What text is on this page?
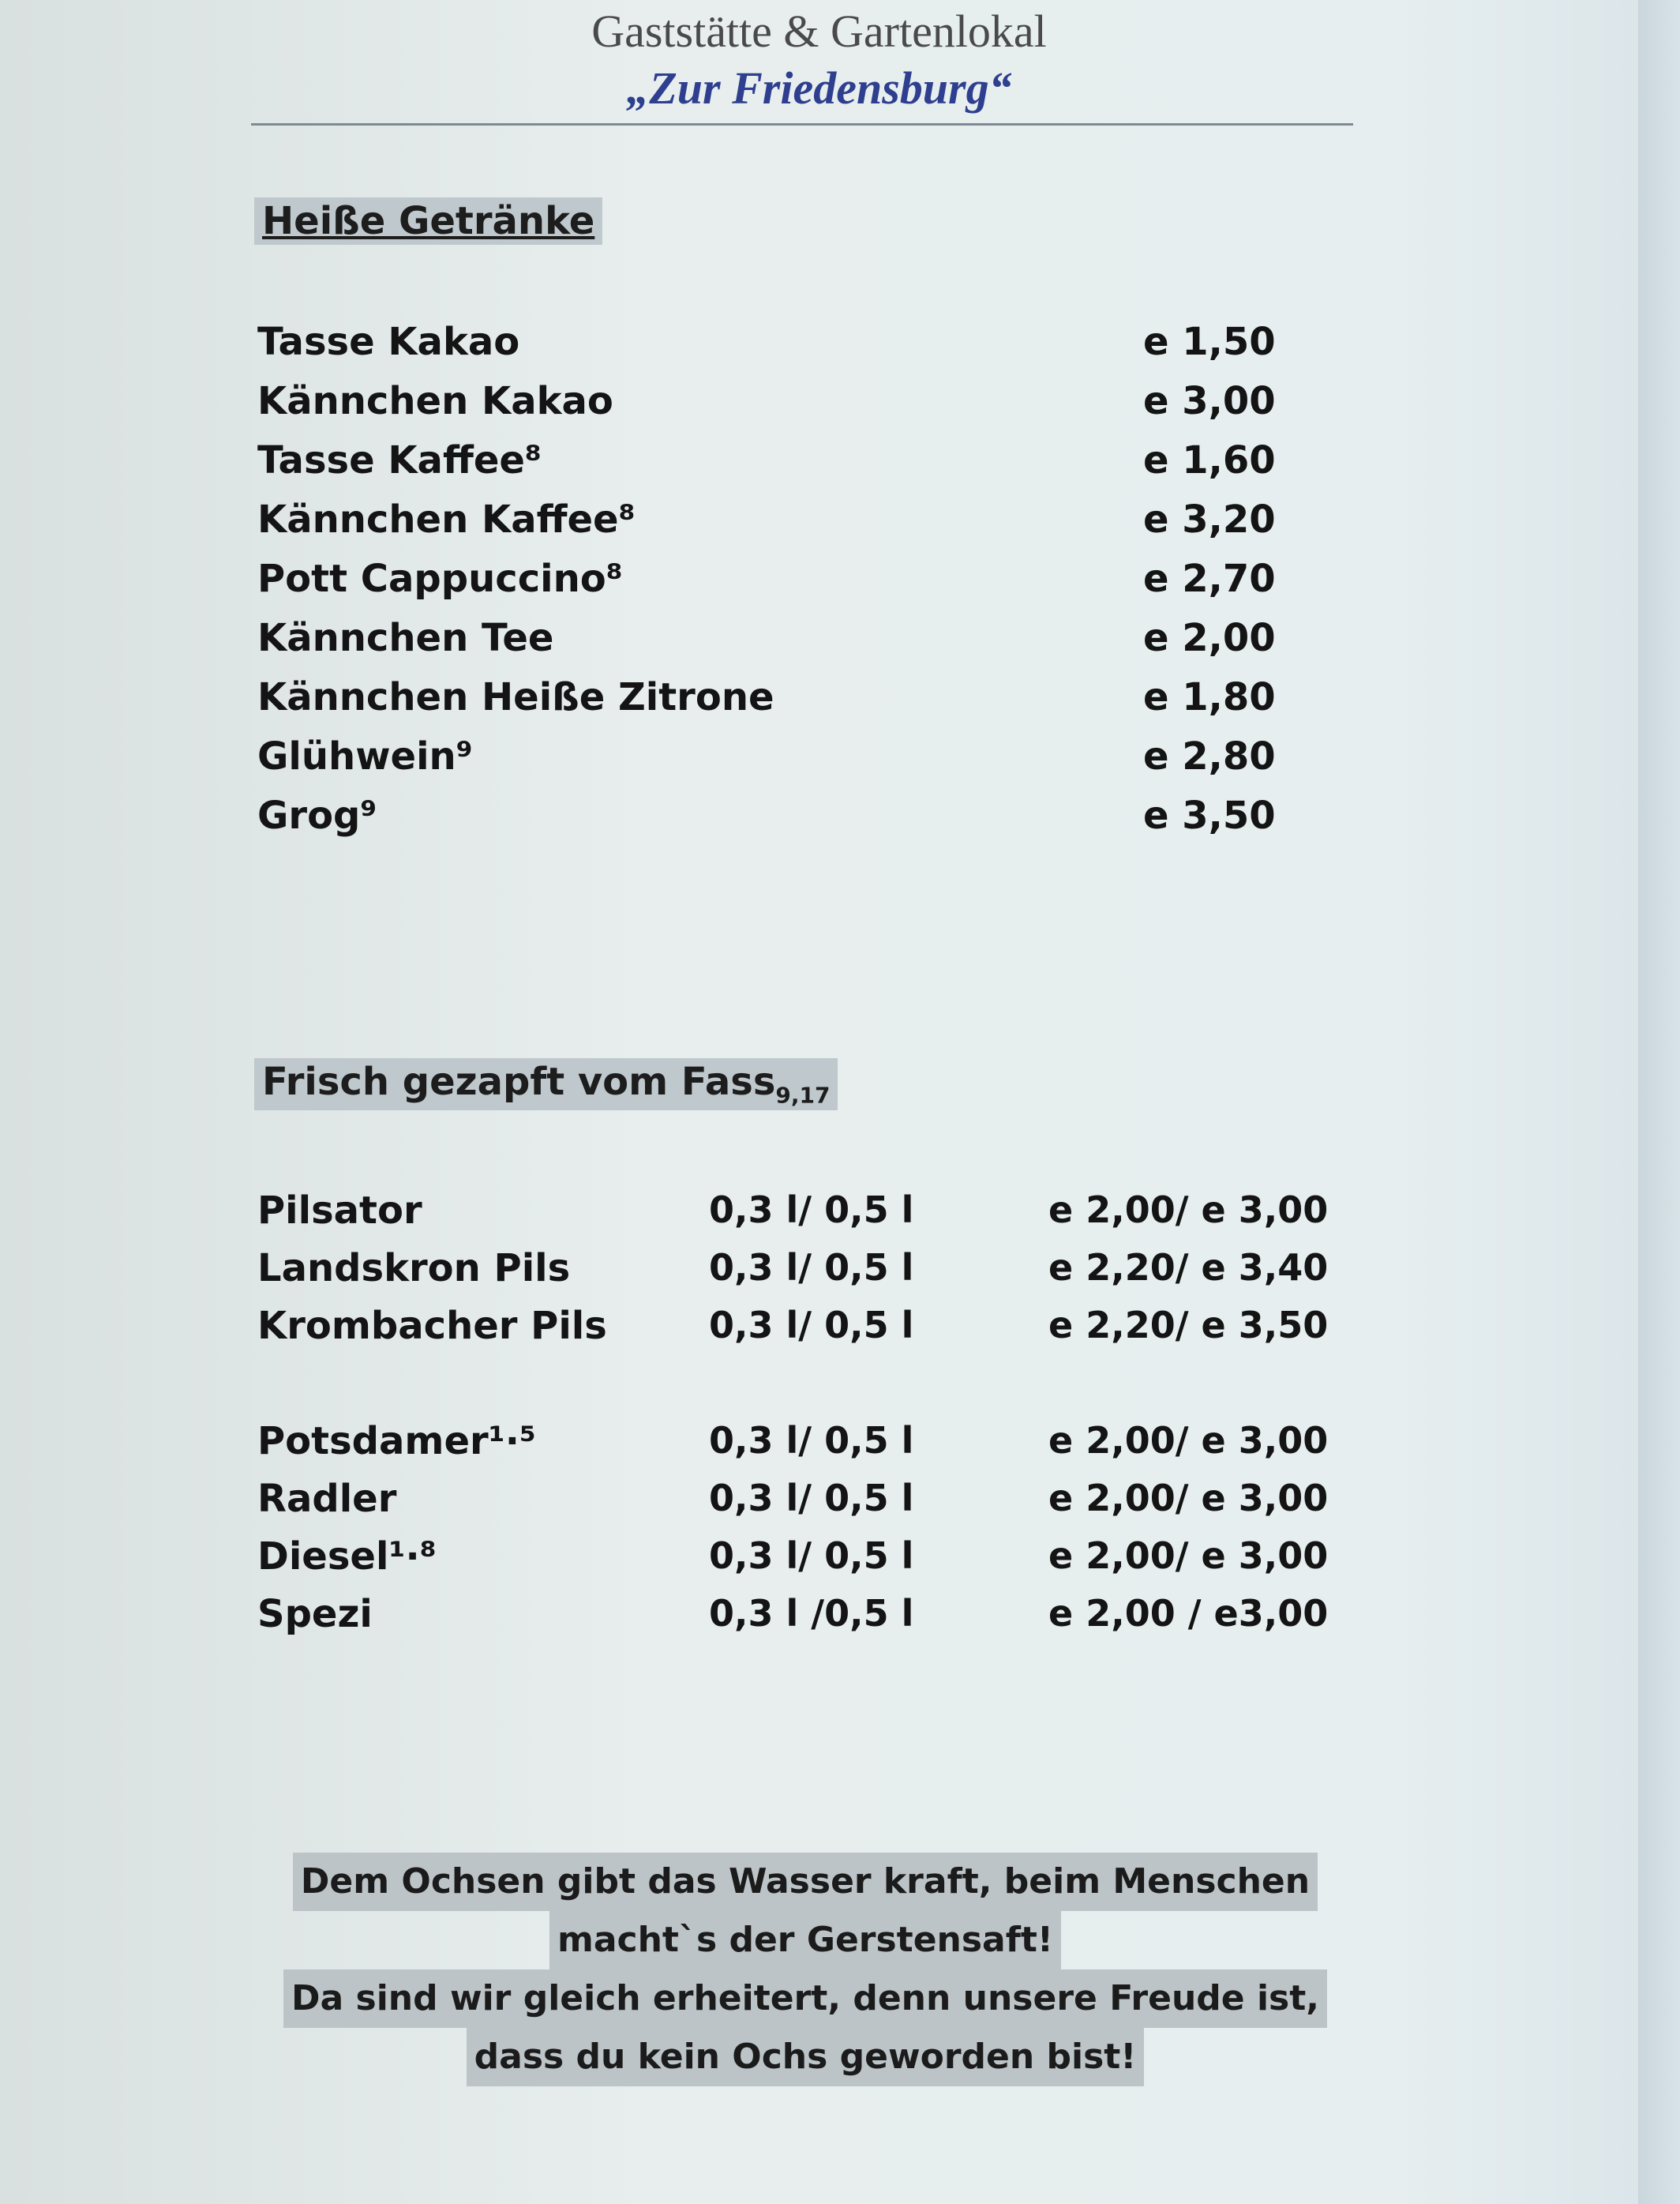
Gaststätte & Gartenlokal
„Zur Friedensburg“
Heiße Getränke
Tasse Kakao	e 1,50
Kännchen Kakao	e 3,00
Tasse Kaffee⁸	e 1,60
Kännchen Kaffee⁸	e 3,20
Pott Cappuccino⁸	e 2,70
Kännchen Tee	e 2,00
Kännchen Heiße Zitrone	e 1,80
Glühwein⁹	e 2,80
Grog⁹	e 3,50
Frisch gezapft vom Fass$_{9,17}$
Pilsator	0,3 l/ 0,5 l	e 2,00/ e 3,00
Landskron Pils	0,3 l/ 0,5 l	e 2,20/ e 3,40
Krombacher Pils	0,3 l/ 0,5 l	e 2,20/ e 3,50
Potsdamer¹·⁵	0,3 l/ 0,5 l	e 2,00/ e 3,00
Radler	0,3 l/ 0,5 l	e 2,00/ e 3,00
Diesel¹·⁸	0,3 l/ 0,5 l	e 2,00/ e 3,00
Spezi	0,3 l /0,5 l	e 2,00 / e3,00
Dem Ochsen gibt das Wasser kraft, beim Menschen
macht`s der Gerstensaft!
Da sind wir gleich erheitert, denn unsere Freude ist,
dass du kein Ochs geworden bist!
